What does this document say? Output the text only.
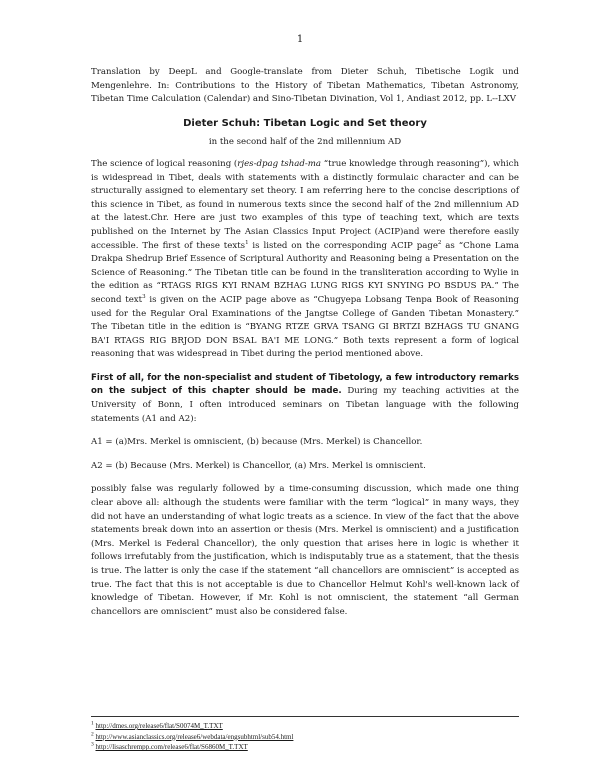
1

Translation by DeepL and Google-translate from Dieter Schuh, Tibetische Logik und Mengenlehre. In: Contributions to the History of Tibetan Mathematics, Tibetan Astronomy, Tibetan Time Calculation (Calendar) and Sino-Tibetan Divination, Vol 1, Andiast 2012, pp. L--LXV

Dieter Schuh: Tibetan Logic and Set theory

in the second half of the 2nd millennium AD

The science of logical reasoning (rjes-dpag tshad-ma “true knowledge through reasoning”), which is widespread in Tibet, deals with statements with a distinctly formulaic character and can be structurally assigned to elementary set theory. I am referring here to the concise descriptions of this science in Tibet, as found in numerous texts since the second half of the 2nd millennium AD at the latest.Chr. Here are just two examples of this type of teaching text, which are texts published on the Internet by The Asian Classics Input Project (ACIP)and were therefore easily accessible. The first of these texts$^1$ is listed on the corresponding ACIP page$^2$ as “Chone Lama Drakpa Shedrup Brief Essence of Scriptural Authority and Reasoning being a Presentation on the Science of Reasoning.” The Tibetan title can be found in the transliteration according to Wylie in the edition as “RTAGS RIGS KYI RNAM BZHAG LUNG RIGS KYI SNYING PO BSDUS PA.” The second text$^3$ is given on the ACIP page above as “Chugyepa Lobsang Tenpa Book of Reasoning used for the Regular Oral Examinations of the Jangtse College of Ganden Tibetan Monastery.” The Tibetan title in the edition is “BYANG RTZE GRVA TSANG GI BRTZI BZHAGS TU GNANG BA'I RTAGS RIG BRJOD DON BSAL BA'I ME LONG.” Both texts represent a form of logical reasoning that was widespread in Tibet during the period mentioned above.

First of all, for the non-specialist and student of Tibetology, a few introductory remarks on the subject of this chapter should be made. During my teaching activities at the University of Bonn, I often introduced seminars on Tibetan language with the following statements (A1 and A2):

A1 = (a)Mrs. Merkel is omniscient, (b) because (Mrs. Merkel) is Chancellor.

A2 = (b) Because (Mrs. Merkel) is Chancellor, (a) Mrs. Merkel is omniscient.

possibly false was regularly followed by a time-consuming discussion, which made one thing clear above all: although the students were familiar with the term “logical” in many ways, they did not have an understanding of what logic treats as a science. In view of the fact that the above statements break down into an assertion or thesis (Mrs. Merkel is omniscient) and a justification (Mrs. Merkel is Federal Chancellor), the only question that arises here in logic is whether it follows irrefutably from the justification, which is indisputably true as a statement, that the thesis is true. The latter is only the case if the statement “all chancellors are omniscient” is accepted as true. The fact that this is not acceptable is due to Chancellor Helmut Kohl's well-known lack of knowledge of Tibetan. However, if Mr. Kohl is not omniscient, the statement “all German chancellors are omniscient” must also be considered false.

$^1$ http://dmes.org/release6/flat/S0074M_T.TXT
$^2$ http://www.asianclassics.org/release6/webdata/engsubhtml/sub54.html
$^3$ http://lisaschrempp.com/release6/flat/S6860M_T.TXT
